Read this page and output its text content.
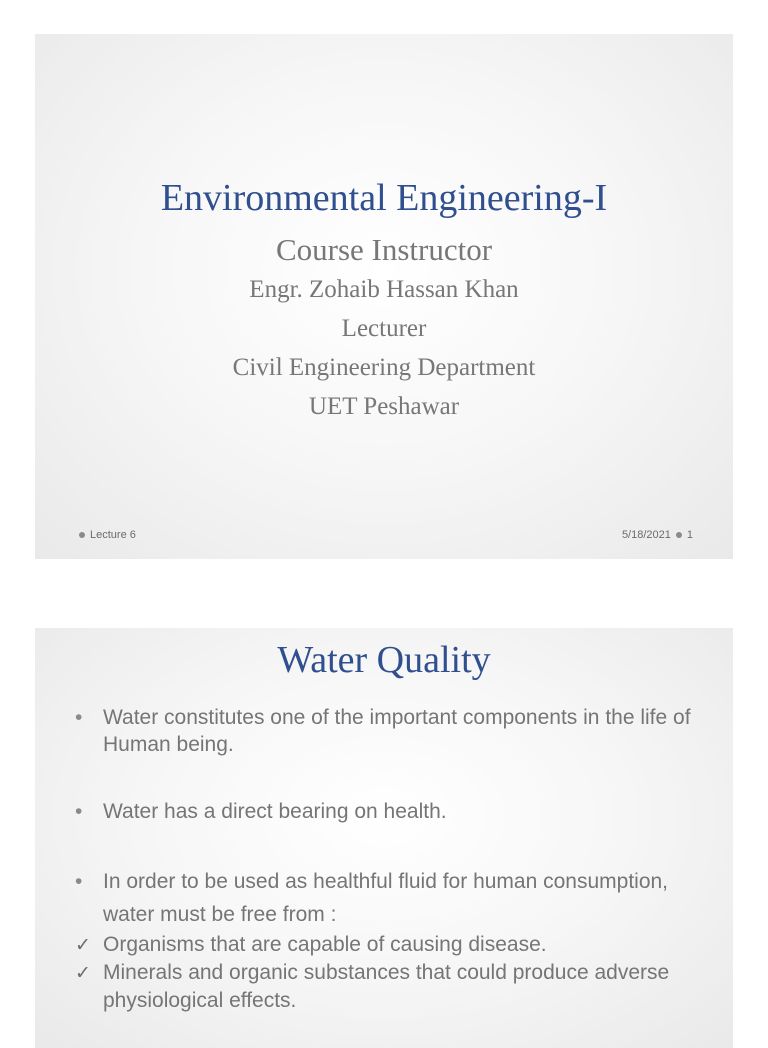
Environmental Engineering-I
Course Instructor
Engr. Zohaib Hassan Khan
Lecturer
Civil Engineering Department
UET Peshawar
Lecture 6	5/18/2021 1
Water Quality
• Water constitutes one of the important components in the life of Human being.
• Water has a direct bearing on health.
• In order to be used as healthful fluid for human consumption, water must be free from :
✓ Organisms that are capable of causing disease.
✓ Minerals and organic substances that could produce adverse physiological effects.
